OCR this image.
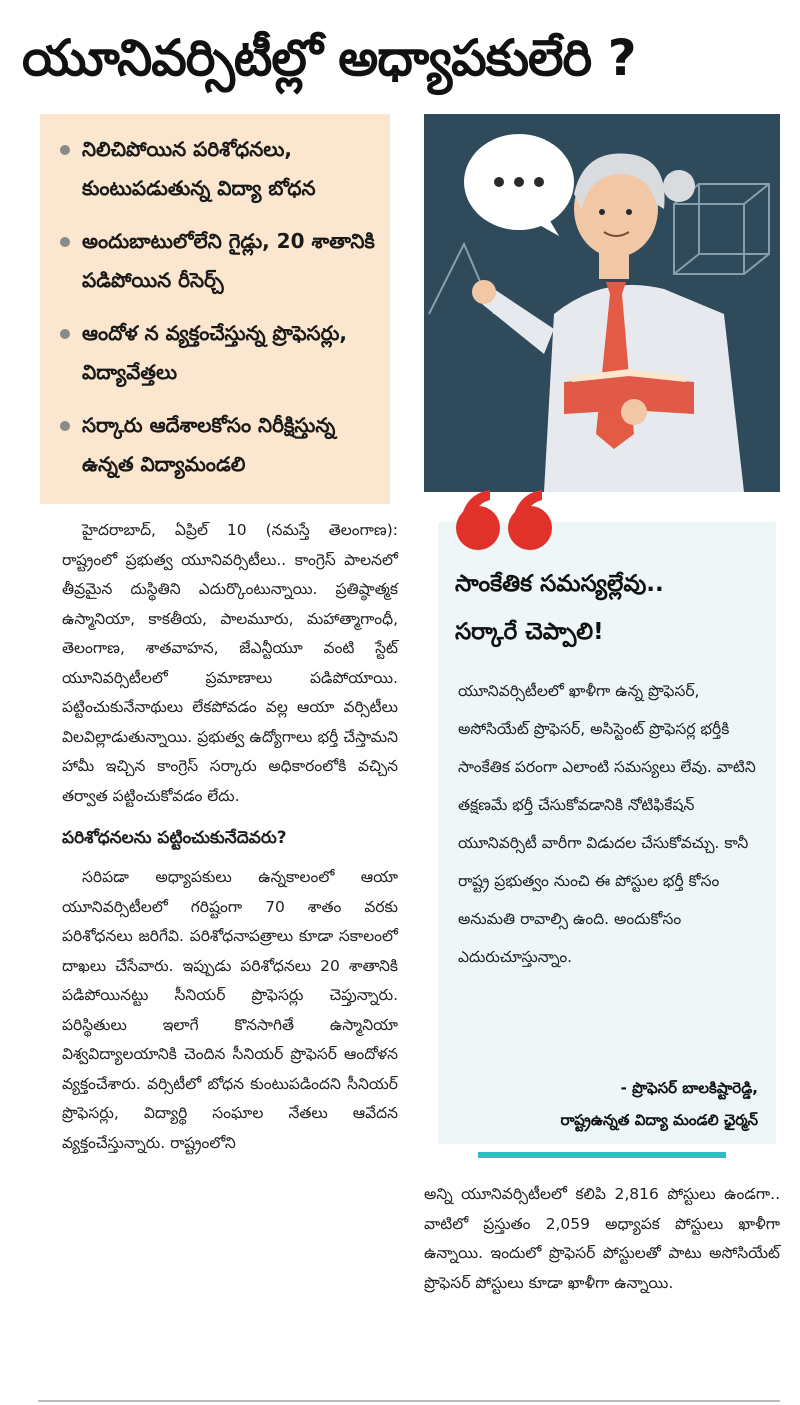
యూనివర్సిటీల్లో అధ్యాపకులేరి ?
నిలిచిపోయిన పరిశోధనలు, కుంటుపడుతున్న విద్యా బోధన
అందుబాటులోలేని గైడ్లు, 20 శాతానికి పడిపోయిన రీసెర్చ్
ఆందోళ న వ్యక్తంచేస్తున్న ప్రొఫెసర్లు, విద్యావేత్తలు
సర్కారు ఆదేశాలకోసం నిరీక్షిస్తున్న ఉన్నత విద్యామండలి
సాంకేతిక సమస్యల్లేవు..
సర్కారే చెప్పాలి!
యూనివర్సిటీలలో ఖాళీగా ఉన్న ప్రొఫెసర్, అసోసియేట్ ప్రొఫెసర్, అసిస్టెంట్ ప్రొఫెసర్ల భర్తీకి సాంకేతిక పరంగా ఎలాంటి సమస్యలు లేవు. వాటిని తక్షణమే భర్తీ చేసుకోవడానికి నోటిఫికేషన్ యూనివర్సిటీ వారీగా విడుదల చేసుకోవచ్చు. కానీ రాష్ట్ర ప్రభుత్వం నుంచి ఈ పోస్టుల భర్తీ కోసం అనుమతి రావాల్సి ఉంది. అందుకోసం ఎదురుచూస్తున్నాం.
- ప్రొఫెసర్ బాలకిష్టారెడ్డి,
రాష్ట్రఉన్నత విద్యా మండలి ఛైర్మన్

హైదరాబాద్, ఏప్రిల్ 10 (నమస్తే తెలంగాణ): రాష్ట్రంలో ప్రభుత్వ యూనివర్సిటీలు.. కాంగ్రెస్ పాలనలో తీవ్రమైన దుస్థితిని ఎదుర్కొంటున్నాయి. ప్రతిష్ఠాత్మక ఉస్మానియా, కాకతీయ, పాలమూరు, మహాత్మాగాంధీ, తెలంగాణ, శాతవాహన, జేఎన్టీయూ వంటి స్టేట్ యూనివర్సిటీలలో ప్రమాణాలు పడిపోయాయి. పట్టించుకునేనాథులు లేకపోవడం వల్ల ఆయా వర్సిటీలు విలవిల్లాడుతున్నాయి. ప్రభుత్వ ఉద్యోగాలు భర్తీ చేస్తామని హామీ ఇచ్చిన కాంగ్రెస్ సర్కారు అధికారంలోకి వచ్చిన తర్వాత పట్టించుకోవడం లేదు.

పరిశోధనలను పట్టించుకునేదెవరు?

సరిపడా అధ్యాపకులు ఉన్నకాలంలో ఆయా యూనివర్సిటీలలో గరిష్టంగా 70 శాతం వరకు పరిశోధనలు జరిగేవి. పరిశోధనాపత్రాలు కూడా సకాలంలో దాఖలు చేసేవారు. ఇప్పుడు పరిశోధనలు 20 శాతానికి పడిపోయినట్టు సీనియర్ ప్రొఫెసర్లు చెప్తున్నారు. పరిస్థితులు ఇలాగే కొనసాగితే ఉస్మానియా విశ్వవిద్యాలయానికి చెందిన సీనియర్ ప్రొఫెసర్ ఆందోళన వ్యక్తంచేశారు. వర్సిటీలో బోధన కుంటుపడిందని సీనియర్ ప్రొఫెసర్లు, విద్యార్థి సంఘాల నేతలు ఆవేదన వ్యక్తంచేస్తున్నారు. రాష్ట్రంలోని

అన్ని యూనివర్సిటీలలో కలిపి 2,816 పోస్టులు ఉండగా.. వాటిలో ప్రస్తుతం 2,059 అధ్యాపక పోస్టులు ఖాళీగా ఉన్నాయి. ఇందులో ప్రొఫెసర్ పోస్టులతో పాటు అసోసియేట్ ప్రొఫెసర్ పోస్టులు కూడా ఖాళీగా ఉన్నాయి.
